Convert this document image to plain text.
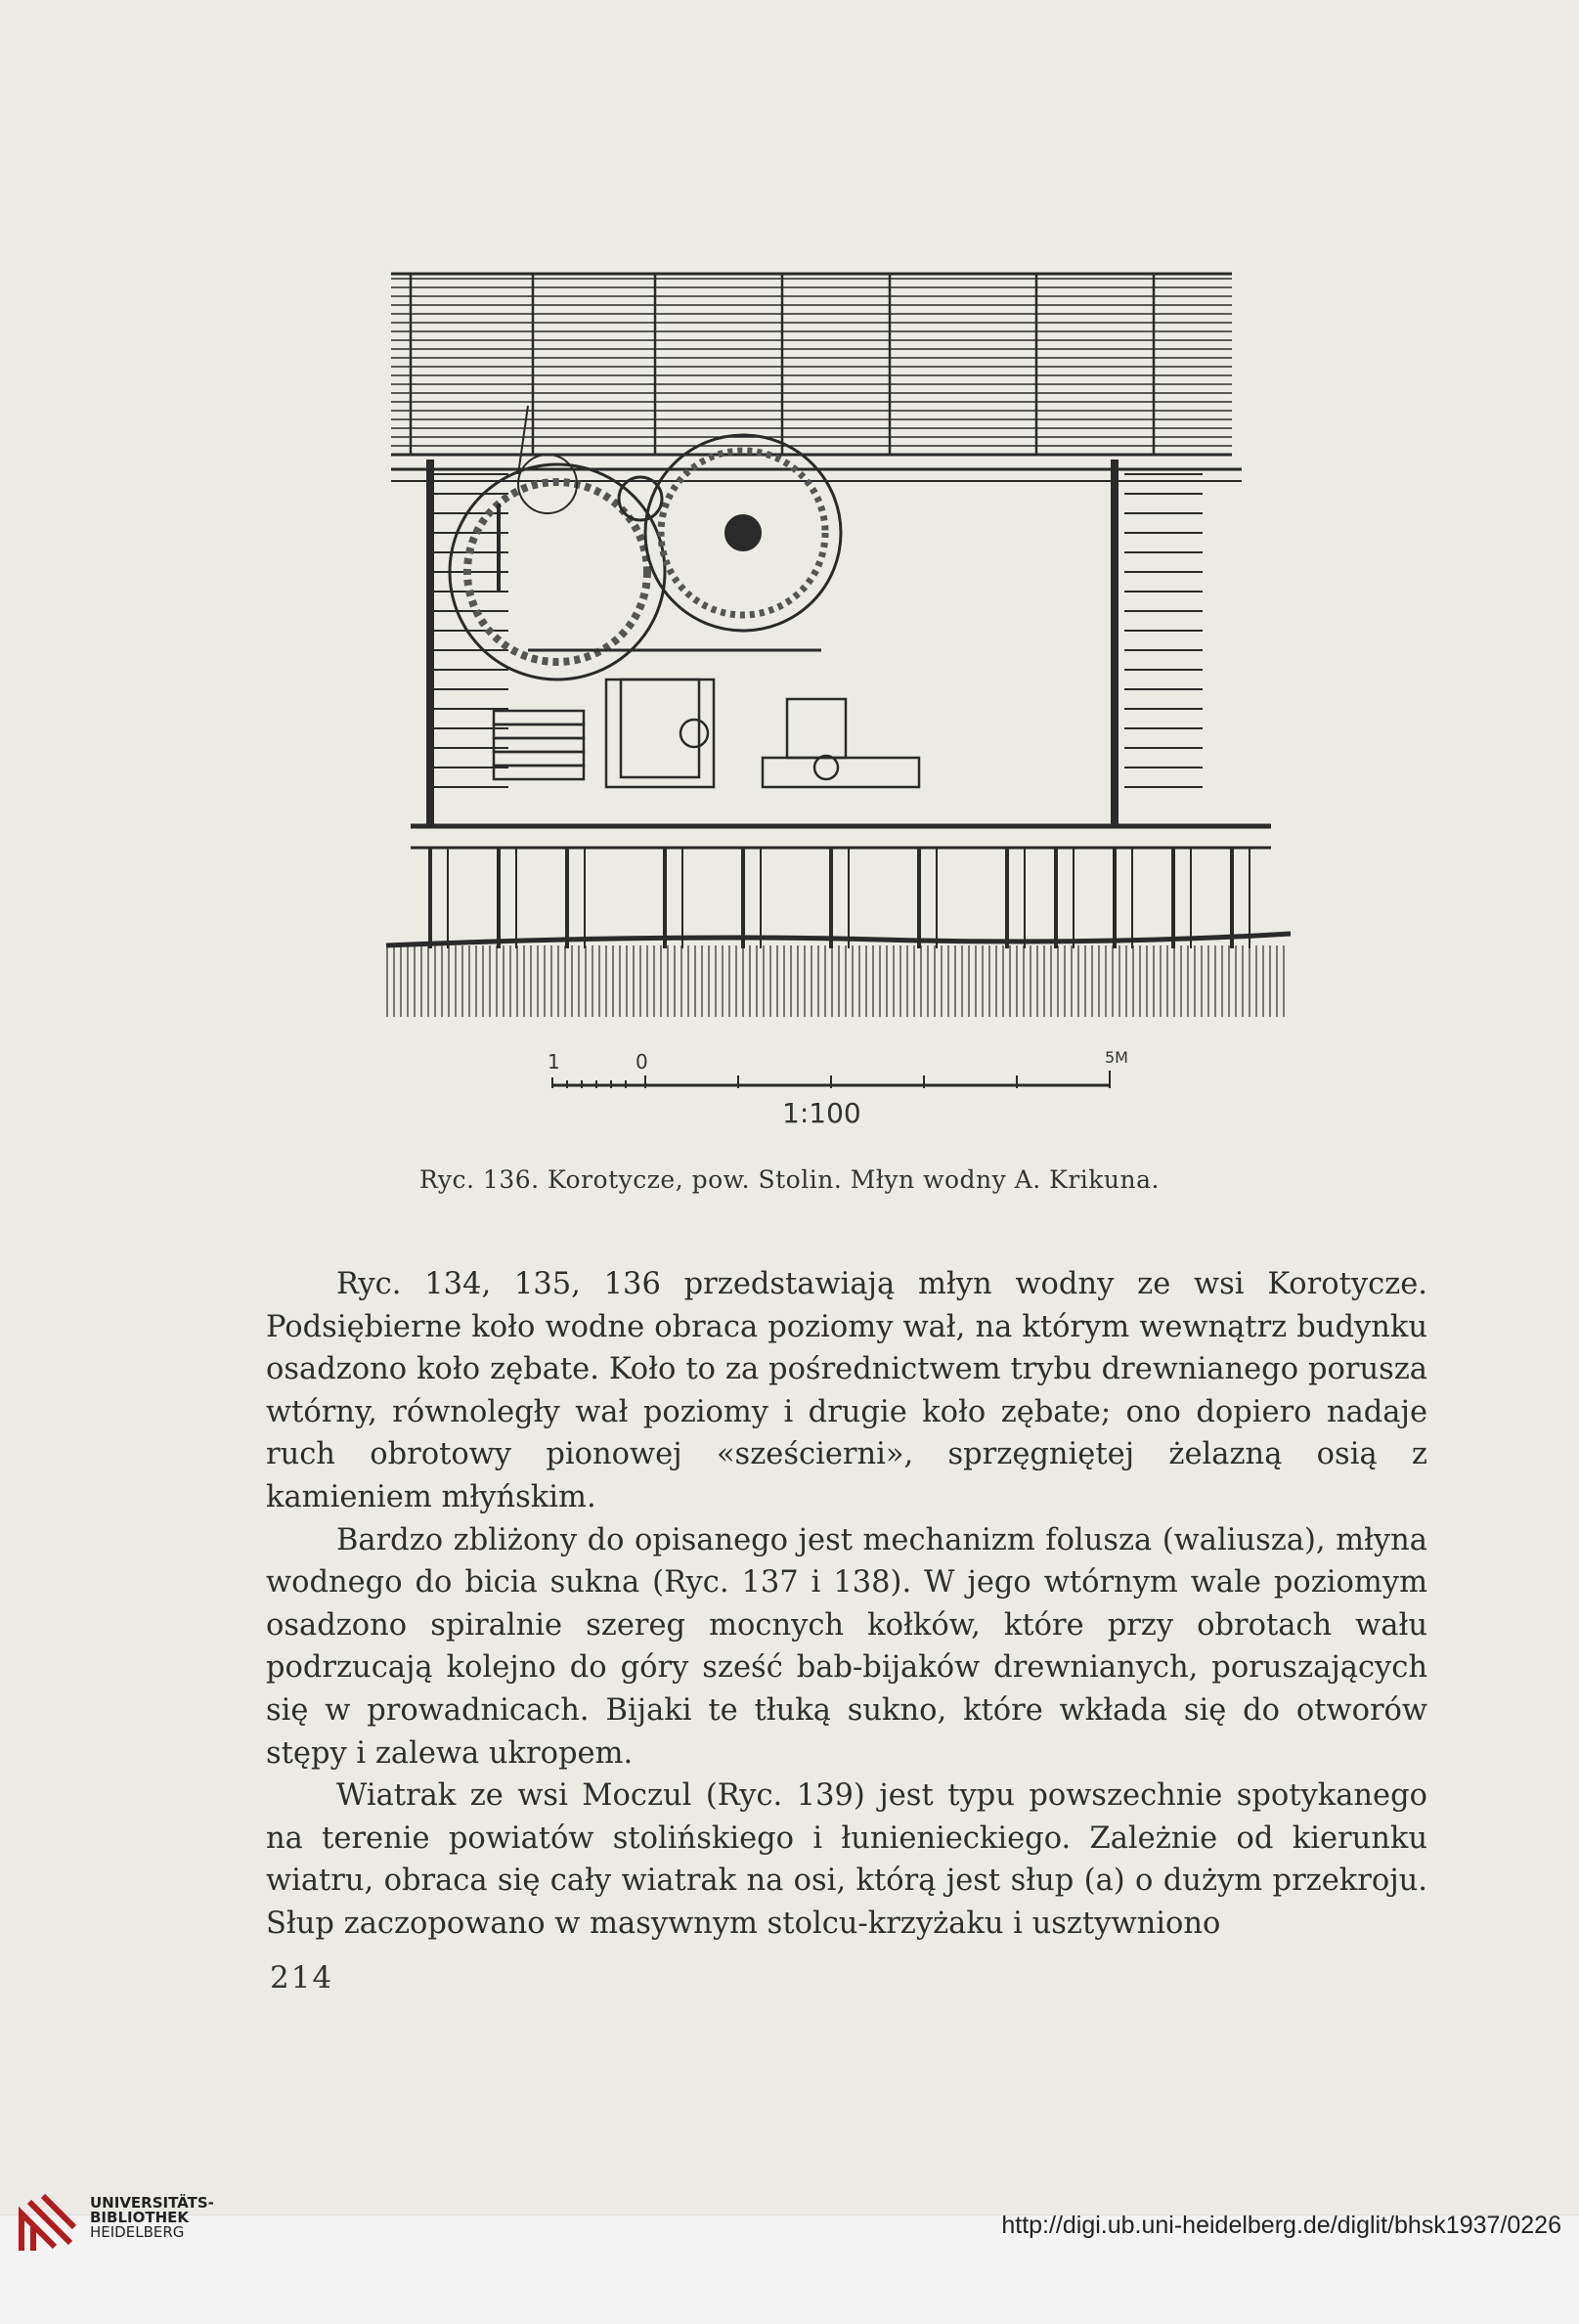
1	0	5M
1:100
Ryc. 136. Korotycze, pow. Stolin. Młyn wodny A. Krikuna.

Ryc. 134, 135, 136 przedstawiają młyn wodny ze wsi Korotycze. Podsiębierne koło wodne obraca poziomy wał, na którym wewnątrz budynku osadzono koło zębate. Koło to za pośrednictwem trybu drewnianego porusza wtórny, równoległy wał poziomy i drugie koło zębate; ono dopiero nadaje ruch obrotowy pionowej «sześcierni», sprzęgniętej żelazną osią z kamieniem młyńskim.

Bardzo zbliżony do opisanego jest mechanizm folusza (waliusza), młyna wodnego do bicia sukna (Ryc. 137 i 138). W jego wtórnym wale poziomym osadzono spiralnie szereg mocnych kołków, które przy obrotach wału podrzucają kolejno do góry sześć bab-bijaków drewnianych, poruszających się w prowadnicach. Bijaki te tłuką sukno, które wkłada się do otworów stępy i zalewa ukropem.

Wiatrak ze wsi Moczul (Ryc. 139) jest typu powszechnie spotykanego na terenie powiatów stolińskiego i łunienieckiego. Zależnie od kierunku wiatru, obraca się cały wiatrak na osi, którą jest słup (a) o dużym przekroju. Słup zaczopowano w masywnym stolcu-krzyżaku i usztywniono

214
UNIVERSITÄTS-
BIBLIOTHEK
HEIDELBERG	http://digi.ub.uni-heidelberg.de/diglit/bhsk1937/0226
